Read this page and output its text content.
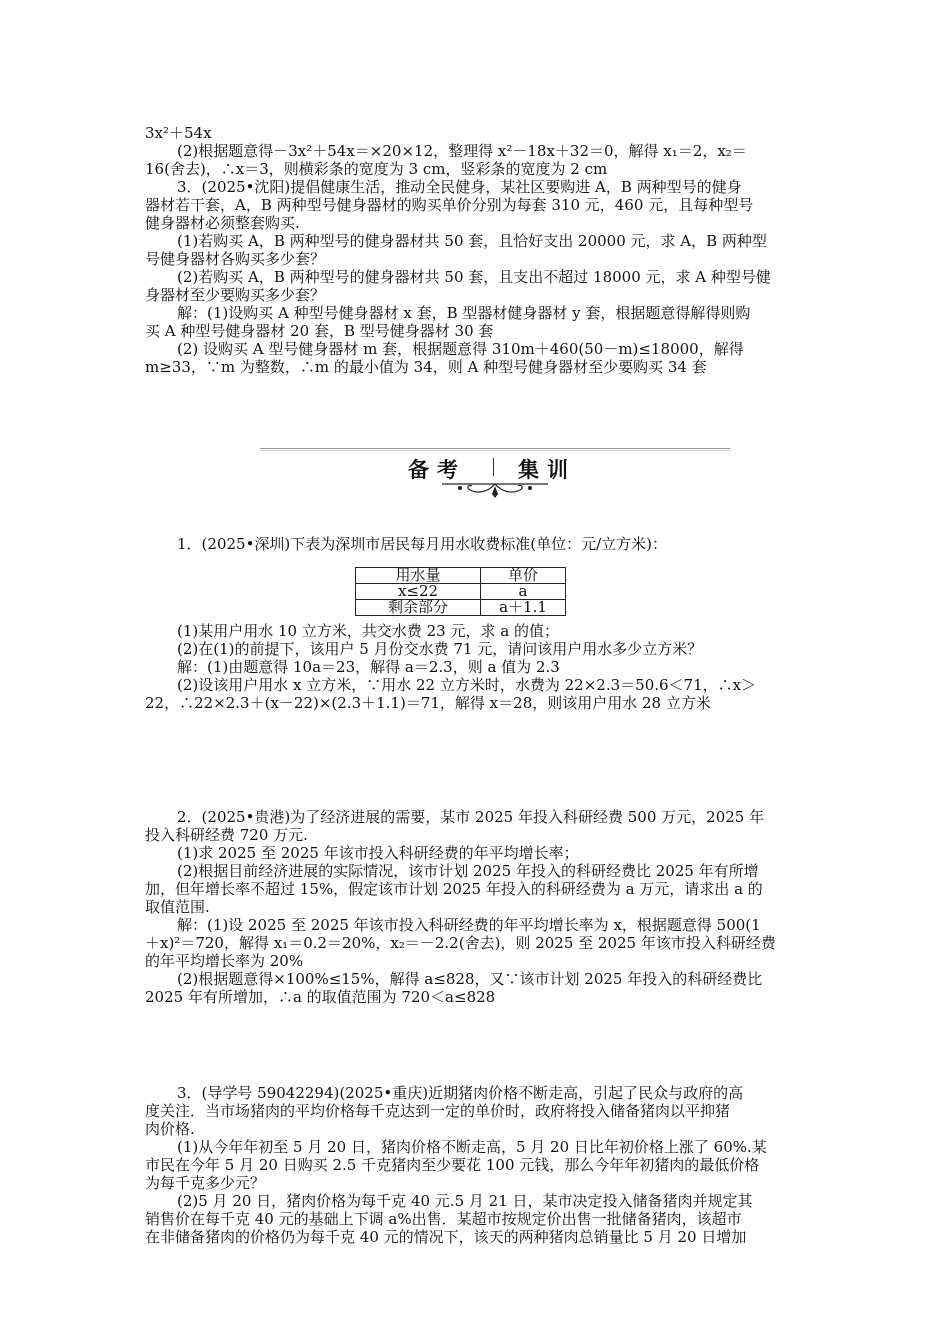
3x²＋54x
(2)根据题意得－3x²＋54x＝×20×12，整理得 x²－18x＋32＝0，解得 x₁＝2，x₂＝
16(舍去)，∴x＝3，则横彩条的宽度为 3 cm，竖彩条的宽度为 2 cm
3．(2025•沈阳)提倡健康生活，推动全民健身，某社区要购进 A，B 两种型号的健身
器材若干套，A，B 两种型号健身器材的购买单价分别为每套 310 元，460 元，且每种型号
健身器材必须整套购买.
(1)若购买 A，B 两种型号的健身器材共 50 套，且恰好支出 20000 元，求 A，B 两种型
号健身器材各购买多少套？
(2)若购买 A，B 两种型号的健身器材共 50 套，且支出不超过 18000 元，求 A 种型号健
身器材至少要购买多少套？
解：(1)设购买 A 种型号健身器材 x 套，B 型器材健身器材 y 套，根据题意得解得则购
买 A 种型号健身器材 20 套，B 型号健身器材 30 套
(2) 设购买 A 型号健身器材 m 套，根据题意得 310m＋460(50－m)≤18000，解得
m≥33，∵m 为整数，∴m 的最小值为 34，则 A 种型号健身器材至少要购买 34 套
备考 集训
1．(2025•深圳)下表为深圳市居民每月用水收费标准(单位：元/立方米)：
用水量	单价
x≤22	a
剩余部分	a＋1.1
(1)某用户用水 10 立方米，共交水费 23 元，求 a 的值；
(2)在(1)的前提下，该用户 5 月份交水费 71 元，请问该用户用水多少立方米？
解：(1)由题意得 10a＝23，解得 a＝2.3，则 a 值为 2.3
(2)设该用户用水 x 立方米，∵用水 22 立方米时，水费为 22×2.3＝50.6＜71，∴x＞
22，∴22×2.3＋(x－22)×(2.3＋1.1)＝71，解得 x＝28，则该用户用水 28 立方米
2．(2025•贵港)为了经济进展的需要，某市 2025 年投入科研经费 500 万元，2025 年
投入科研经费 720 万元.
(1)求 2025 至 2025 年该市投入科研经费的年平均增长率；
(2)根据目前经济进展的实际情况，该市计划 2025 年投入的科研经费比 2025 年有所增
加，但年增长率不超过 15%，假定该市计划 2025 年投入的科研经费为 a 万元，请求出 a 的
取值范围.
解：(1)设 2025 至 2025 年该市投入科研经费的年平均增长率为 x，根据题意得 500(1
＋x)²＝720，解得 x₁＝0.2＝20%，x₂＝－2.2(舍去)，则 2025 至 2025 年该市投入科研经费
的年平均增长率为 20%
(2)根据题意得×100%≤15%，解得 a≤828，又∵该市计划 2025 年投入的科研经费比
2025 年有所增加，∴a 的取值范围为 720＜a≤828
3．(导学号 59042294)(2025•重庆)近期猪肉价格不断走高，引起了民众与政府的高
度关注．当市场猪肉的平均价格每千克达到一定的单价时，政府将投入储备猪肉以平抑猪
肉价格.
(1)从今年年初至 5 月 20 日，猪肉价格不断走高，5 月 20 日比年初价格上涨了 60%.某
市民在今年 5 月 20 日购买 2.5 千克猪肉至少要花 100 元钱，那么今年年初猪肉的最低价格
为每千克多少元？
(2)5 月 20 日，猪肉价格为每千克 40 元.5 月 21 日，某市决定投入储备猪肉并规定其
销售价在每千克 40 元的基础上下调 a%出售．某超市按规定价出售一批储备猪肉，该超市
在非储备猪肉的价格仍为每千克 40 元的情况下，该天的两种猪肉总销量比 5 月 20 日增加
